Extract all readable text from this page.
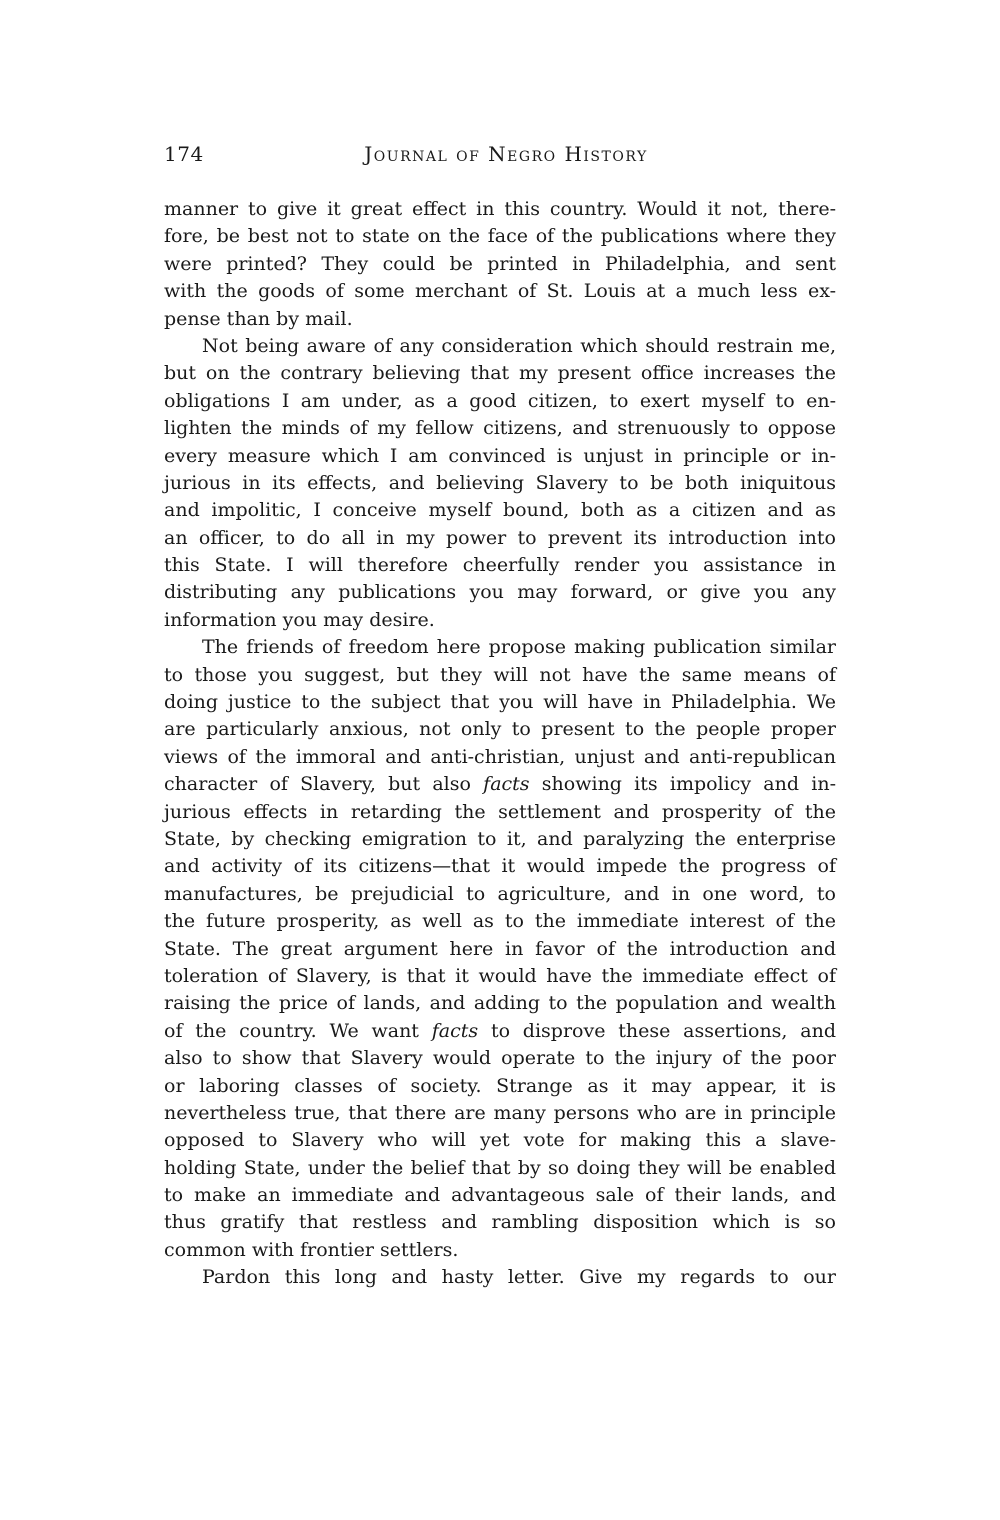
174	Journal of Negro History
manner to give it great effect in this country. Would it not, there-
fore, be best not to state on the face of the publications where they
were printed? They could be printed in Philadelphia, and sent
with the goods of some merchant of St. Louis at a much less ex-
pense than by mail.
Not being aware of any consideration which should restrain me,
but on the contrary believing that my present office increases the
obligations I am under, as a good citizen, to exert myself to en-
lighten the minds of my fellow citizens, and strenuously to oppose
every measure which I am convinced is unjust in principle or in-
jurious in its effects, and believing Slavery to be both iniquitous
and impolitic, I conceive myself bound, both as a citizen and as
an officer, to do all in my power to prevent its introduction into
this State. I will therefore cheerfully render you assistance in
distributing any publications you may forward, or give you any
information you may desire.
The friends of freedom here propose making publication similar
to those you suggest, but they will not have the same means of
doing justice to the subject that you will have in Philadelphia. We
are particularly anxious, not only to present to the people proper
views of the immoral and anti-christian, unjust and anti-republican
character of Slavery, but also facts showing its impolicy and in-
jurious effects in retarding the settlement and prosperity of the
State, by checking emigration to it, and paralyzing the enterprise
and activity of its citizens—that it would impede the progress of
manufactures, be prejudicial to agriculture, and in one word, to
the future prosperity, as well as to the immediate interest of the
State. The great argument here in favor of the introduction and
toleration of Slavery, is that it would have the immediate effect of
raising the price of lands, and adding to the population and wealth
of the country. We want facts to disprove these assertions, and
also to show that Slavery would operate to the injury of the poor
or laboring classes of society. Strange as it may appear, it is
nevertheless true, that there are many persons who are in principle
opposed to Slavery who will yet vote for making this a slave-
holding State, under the belief that by so doing they will be enabled
to make an immediate and advantageous sale of their lands, and
thus gratify that restless and rambling disposition which is so
common with frontier settlers.
Pardon this long and hasty letter. Give my regards to our
